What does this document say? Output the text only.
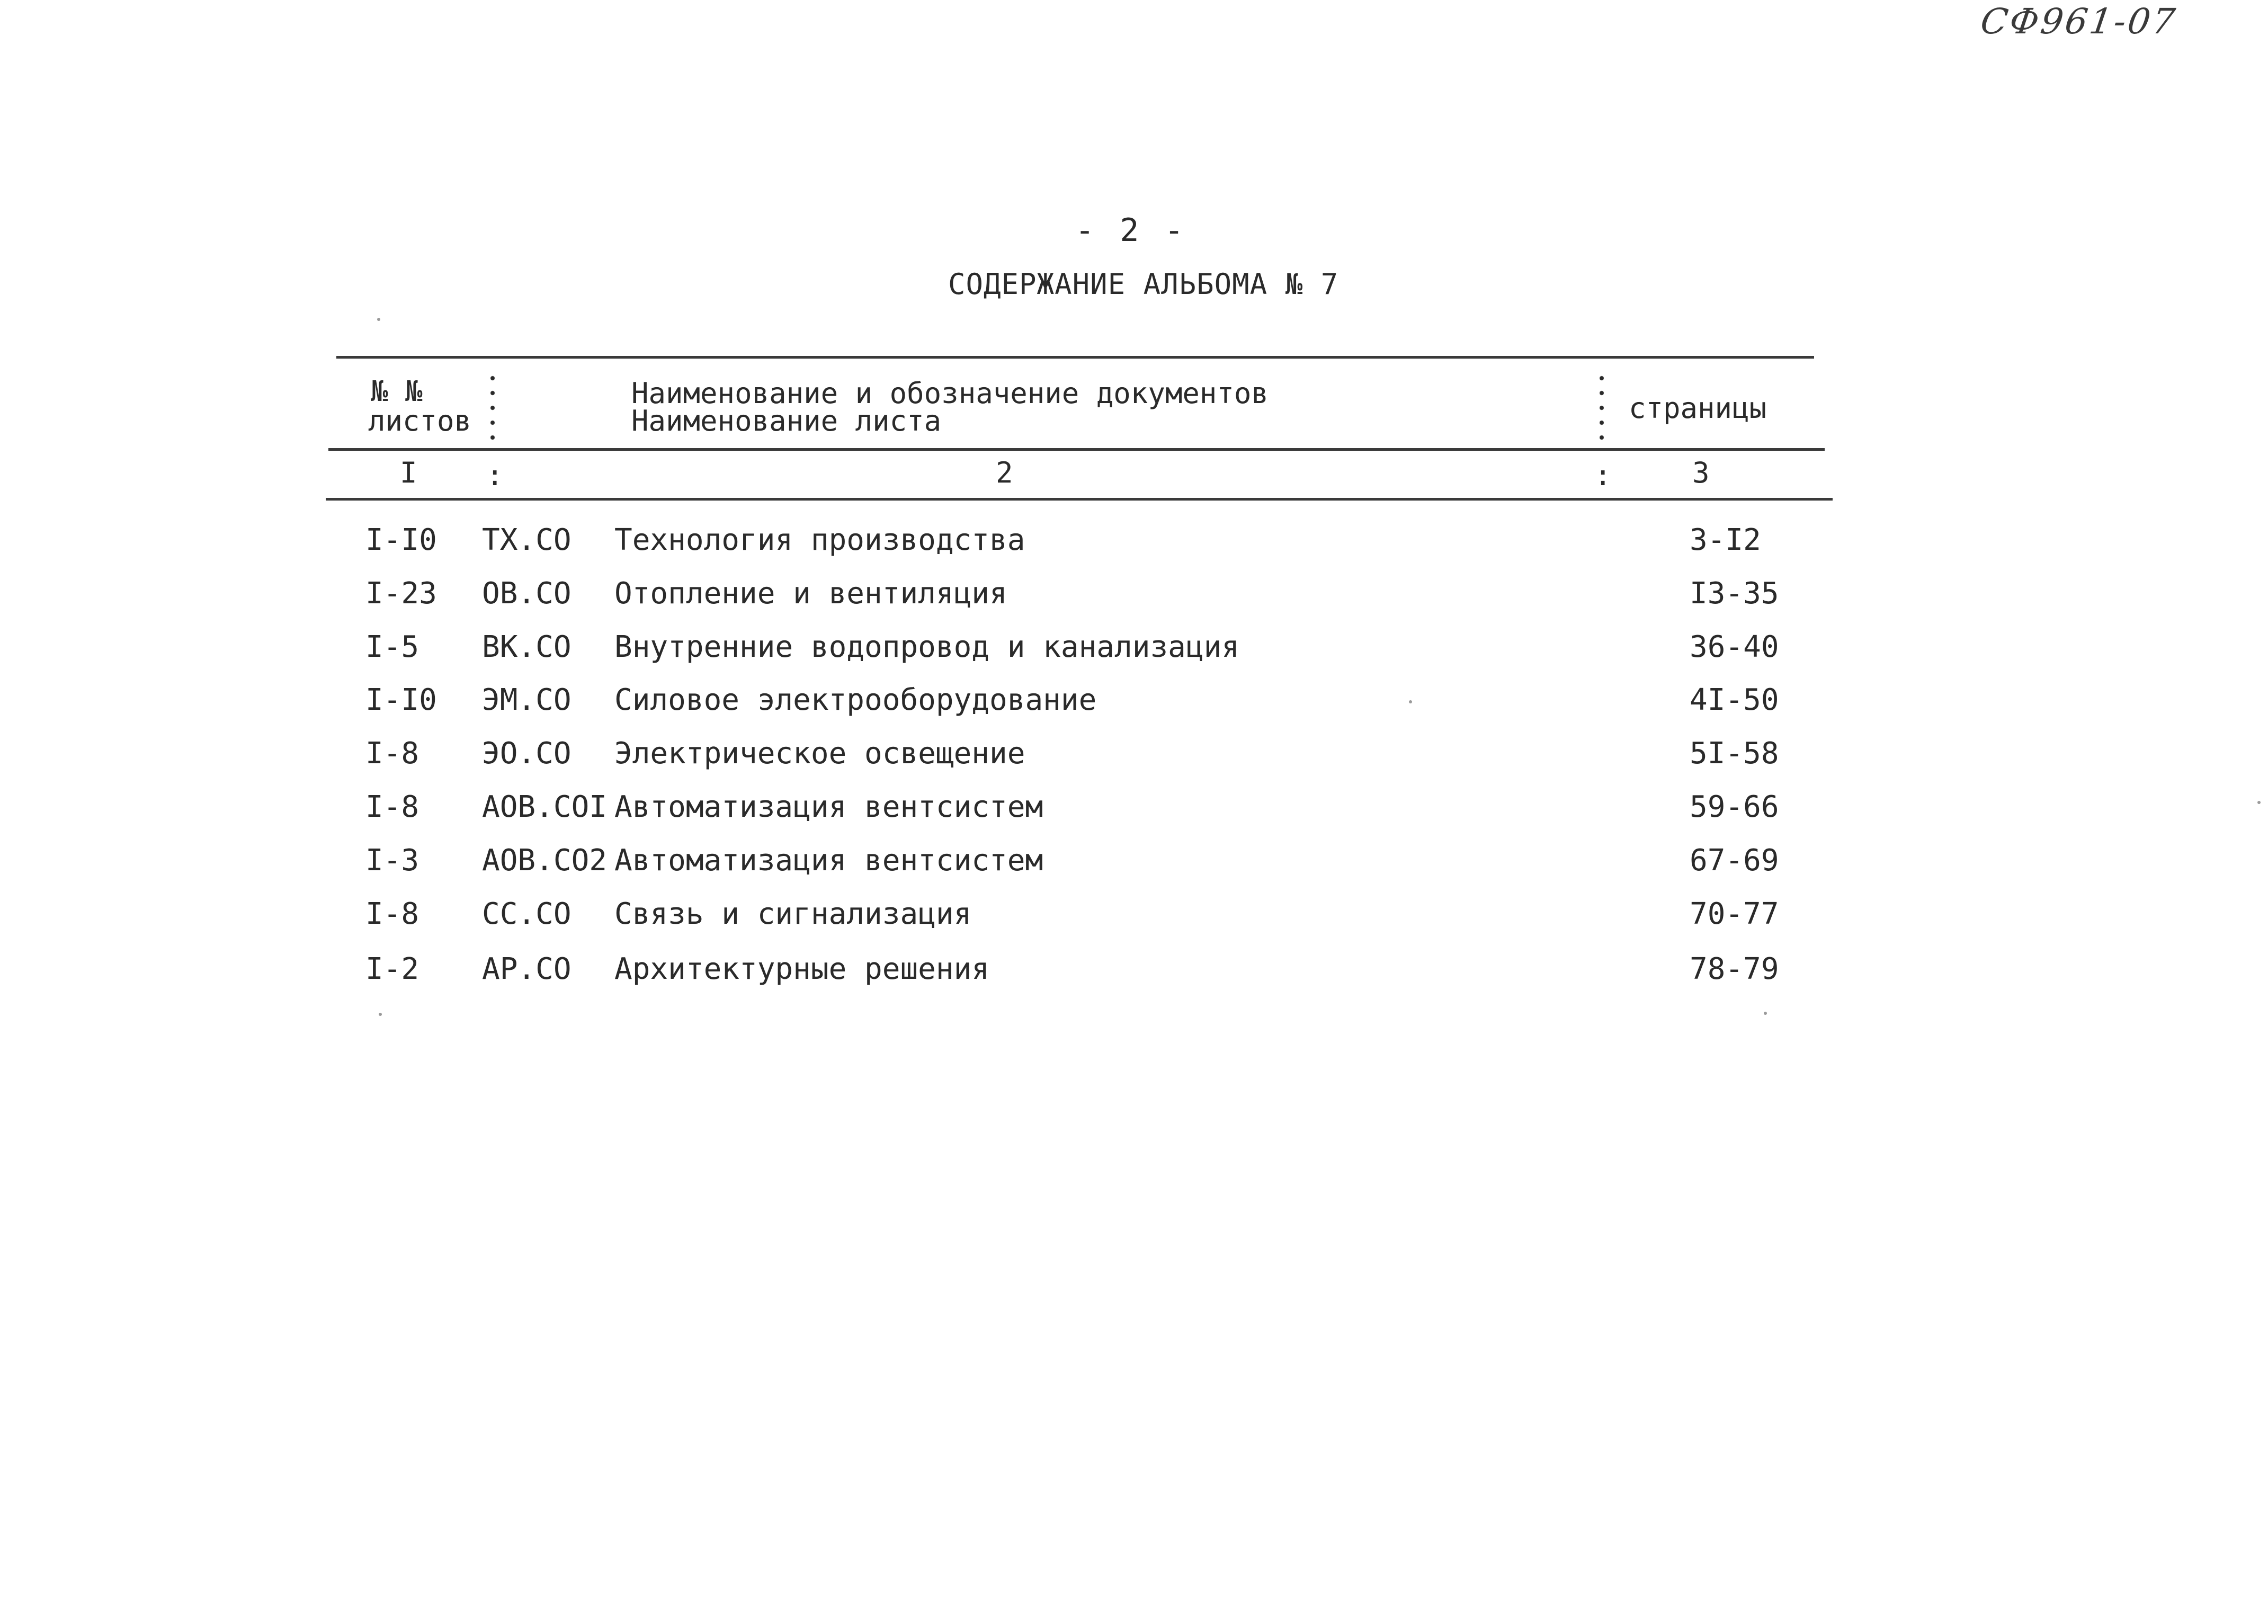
СФ961-07
- 2 -
СОДЕРЖАНИЕ АЛЬБОМА № 7
№ №
листов
Наименование и обозначение документов
Наименование листа	страницы
I :	2	:	3
I-I0 ТХ.СО Технология производства	3-I2
I-23 ОВ.СО Отопление и вентиляция	I3-35
I-5 ВК.СО Внутренние водопровод и канализация	36-40
I-I0 ЭМ.СО Силовое электрооборудование	4I-50
I-8 ЭО.СО Электрическое освещение	5I-58
I-8 АОВ.СОI Автоматизация вентсистем	59-66
I-3 АОВ.СО2 Автоматизация вентсистем	67-69
I-8 СС.СО Связь и сигнализация	70-77
I-2 АР.СО Архитектурные решения	78-79
